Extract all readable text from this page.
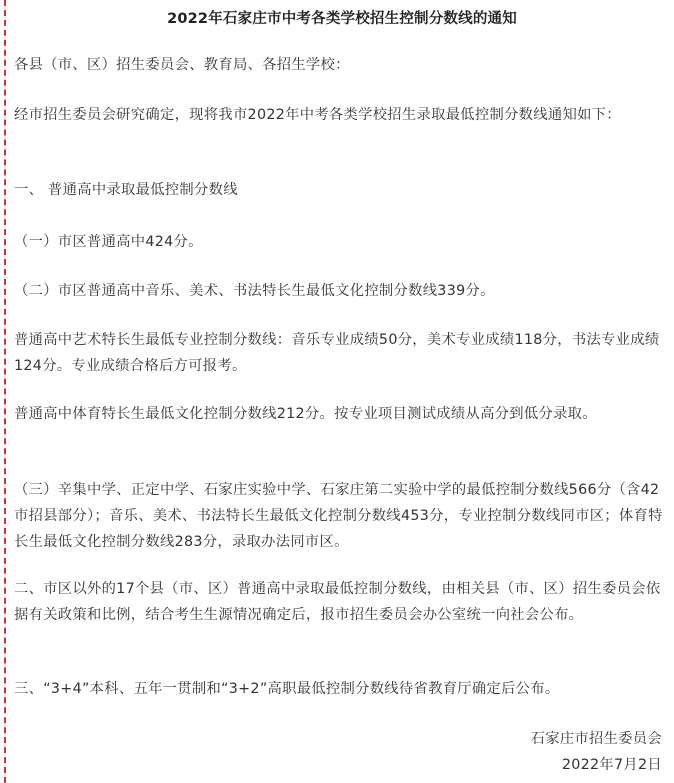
2022年石家庄市中考各类学校招生控制分数线的通知

各县（市、区）招生委员会、教育局、各招生学校：

经市招生委员会研究确定，现将我市2022年中考各类学校招生录取最低控制分数线通知如下：

一、 普通高中录取最低控制分数线

（一）市区普通高中424分。

（二）市区普通高中音乐、美术、书法特长生最低文化控制分数线339分。

普通高中艺术特长生最低专业控制分数线：音乐专业成绩50分，美术专业成绩118分，书法专业成绩124分。专业成绩合格后方可报考。

普通高中体育特长生最低文化控制分数线212分。按专业项目测试成绩从高分到低分录取。

（三）辛集中学、正定中学、石家庄实验中学、石家庄第二实验中学的最低控制分数线566分（含42市招县部分）；音乐、美术、书法特长生最低文化控制分数线453分，专业控制分数线同市区；体育特长生最低文化控制分数线283分，录取办法同市区。

二、市区以外的17个县（市、区）普通高中录取最低控制分数线，由相关县（市、区）招生委员会依据有关政策和比例，结合考生生源情况确定后，报市招生委员会办公室统一向社会公布。

三、“3+4”本科、五年一贯制和“3+2”高职最低控制分数线待省教育厅确定后公布。

石家庄市招生委员会
2022年7月2日
